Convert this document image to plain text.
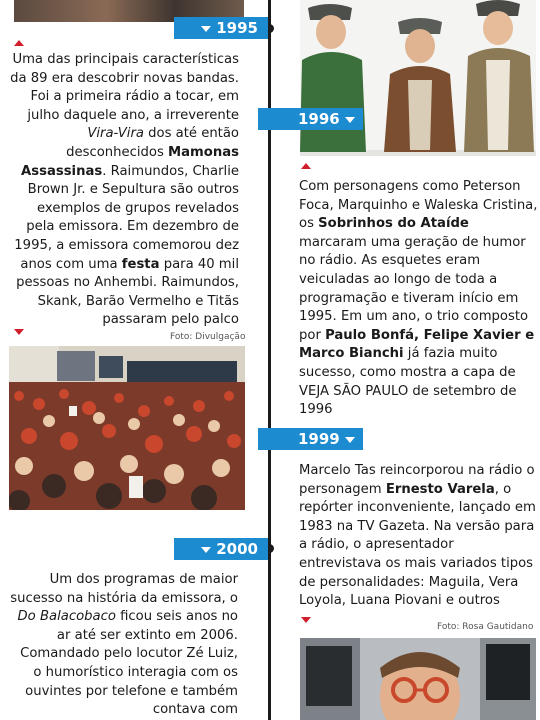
1995
Uma das principais características da 89 era descobrir novas bandas. Foi a primeira rádio a tocar, em julho daquele ano, a irreverente Vira-Vira dos até então desconhecidos Mamonas Assassinas. Raimundos, Charlie Brown Jr. e Sepultura são outros exemplos de grupos revelados pela emissora. Em dezembro de 1995, a emissora comemorou dez anos com uma festa para 40 mil pessoas no Anhembi. Raimundos, Skank, Barão Vermelho e Titãs passaram pelo palco
Foto: Divulgação
2000
Um dos programas de maior sucesso na história da emissora, o Do Balacobaco ficou seis anos no ar até ser extinto em 2006. Comandado pelo locutor Zé Luiz, o humorístico interagia com os ouvintes por telefone e também contava com
1996
Com personagens como Peterson Foca, Marquinho e Waleska Cristina, os Sobrinhos do Ataíde marcaram uma geração de humor no rádio. As esquetes eram veiculadas ao longo de toda a programação e tiveram início em 1995. Em um ano, o trio composto por Paulo Bonfá, Felipe Xavier e Marco Bianchi já fazia muito sucesso, como mostra a capa de VEJA SÃO PAULO de setembro de 1996
1999
Marcelo Tas reincorporou na rádio o personagem Ernesto Varela, o repórter inconveniente, lançado em 1983 na TV Gazeta. Na versão para a rádio, o apresentador entrevistava os mais variados tipos de personalidades: Maguila, Vera Loyola, Luana Piovani e outros
Foto: Rosa Gautidano
